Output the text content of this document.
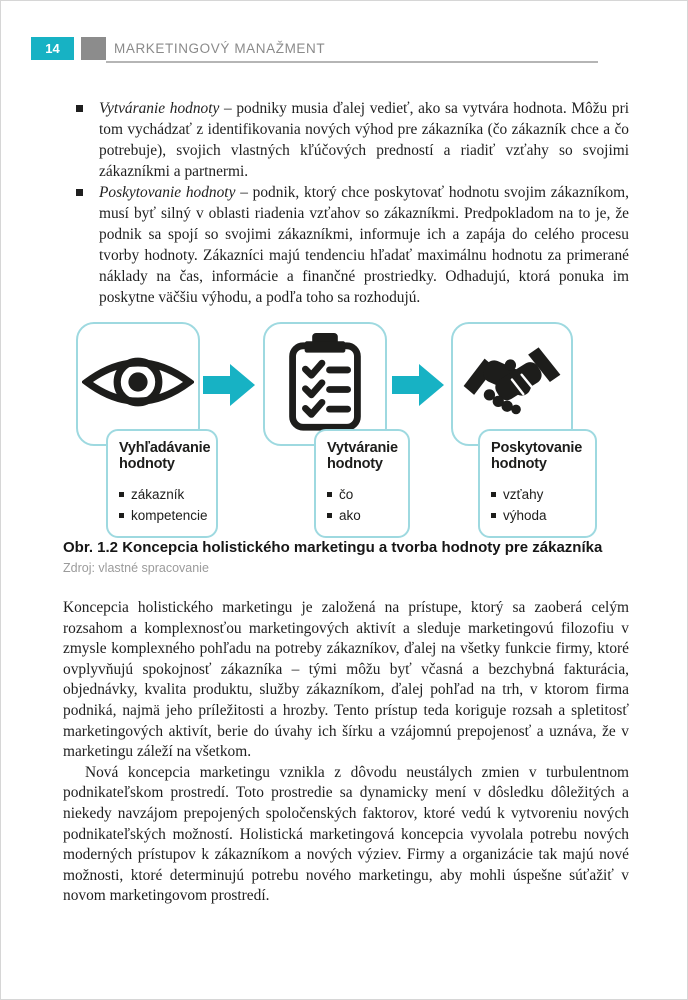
14	MARKETINGOVÝ MANAŽMENT
Vytváranie hodnoty – podniky musia ďalej vedieť, ako sa vytvára hodnota. Môžu pri tom vychádzať z identifikovania nových výhod pre zákazníka (čo zákazník chce a čo potrebuje), svojich vlastných kľúčových predností a riadiť vzťahy so svojimi zákazníkmi a partnermi.
Poskytovanie hodnoty – podnik, ktorý chce poskytovať hodnotu svojim zákazníkom, musí byť silný v oblasti riadenia vzťahov so zákazníkmi. Predpokladom na to je, že podnik sa spojí so svojimi zákazníkmi, informuje ich a zapája do celého procesu tvorby hodnoty. Zákazníci majú tendenciu hľadať maximálnu hodnotu za primerané náklady na čas, informácie a finančné prostriedky. Odhadujú, ktorá ponuka im poskytne väčšiu výhodu, a podľa toho sa rozhodujú.
Vyhľadávanie hodnoty
zákazník
kompetencie
Vytváranie hodnoty
čo
ako
Poskytovanie hodnoty
vzťahy
výhoda
Obr. 1.2 Koncepcia holistického marketingu a tvorba hodnoty pre zákazníka
Zdroj: vlastné spracovanie

Koncepcia holistického marketingu je založená na prístupe, ktorý sa zaoberá celým rozsahom a komplexnosťou marketingových aktivít a sleduje marketingovú filozofiu v zmysle komplexného pohľadu na potreby zákazníkov, ďalej na všetky funkcie firmy, ktoré ovplyvňujú spokojnosť zákazníka – tými môžu byť včasná a bezchybná fakturácia, objednávky, kvalita produktu, služby zákazníkom, ďalej pohľad na trh, v ktorom firma podniká, najmä jeho príležitosti a hrozby. Tento prístup teda koriguje rozsah a spletitosť marketingových aktivít, berie do úvahy ich šírku a vzájomnú prepojenosť a uznáva, že v marketingu záleží na všetkom.

Nová koncepcia marketingu vznikla z dôvodu neustálych zmien v turbulentnom podnikateľskom prostredí. Toto prostredie sa dynamicky mení v dôsledku dôležitých a niekedy navzájom prepojených spoločenských faktorov, ktoré vedú k vytvoreniu nových podnikateľských možností. Holistická marketingová koncepcia vyvolala potrebu nových moderných prístupov k zákazníkom a nových výziev. Firmy a organizácie tak majú nové možnosti, ktoré determinujú potrebu nového marketingu, aby mohli úspešne súťažiť v novom marketingovom prostredí.
